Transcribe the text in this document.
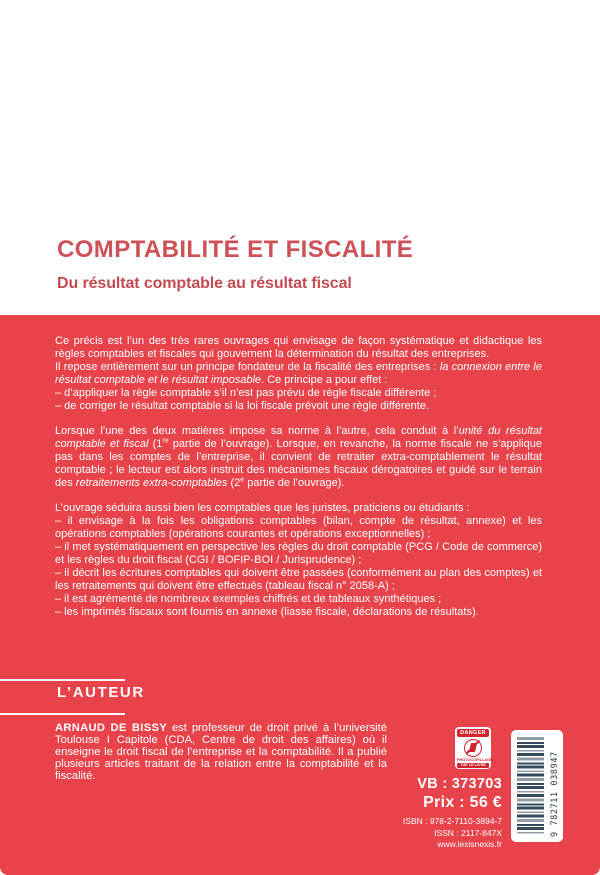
COMPTABILITÉ ET FISCALITÉ
Du résultat comptable au résultat fiscal

Ce précis est l’un des très rares ouvrages qui envisage de façon systématique et didactique les règles comptables et fiscales qui gouvernent la détermination du résultat des entreprises.

Il repose entièrement sur un principe fondateur de la fiscalité des entreprises : la connexion entre le résultat comptable et le résultat imposable. Ce principe a pour effet :

– d’appliquer la règle comptable s’il n’est pas prévu de règle fiscale différente ;

– de corriger le résultat comptable si la loi fiscale prévoit une règle différente.

Lorsque l’une des deux matières impose sa norme à l’autre, cela conduit à l’unité du résultat comptable et fiscal (1re partie de l’ouvrage). Lorsque, en revanche, la norme fiscale ne s’applique pas dans les comptes de l’entreprise, il convient de retraiter extra-comptablement le résultat comptable ; le lecteur est alors instruit des mécanismes fiscaux dérogatoires et guidé sur le terrain des retraitements extra-comptables (2e partie de l’ouvrage).

L’ouvrage séduira aussi bien les comptables que les juristes, praticiens ou étudiants :

– il envisage à la fois les obligations comptables (bilan, compte de résultat, annexe) et les opérations comptables (opérations courantes et opérations exceptionnelles) ;

– il met systématiquement en perspective les règles du droit comptable (PCG / Code de commerce) et les règles du droit fiscal (CGI / BOFIP-BOI / Jurisprudence) ;

– il décrit les écritures comptables qui doivent être passées (conformément au plan des comptes) et les retraitements qui doivent être effectués (tableau fiscal n° 2058-A) ;

– il est agrémenté de nombreux exemples chiffrés et de tableaux synthétiques ;

– les imprimés fiscaux sont fournis en annexe (liasse fiscale, déclarations de résultats).

L’AUTEUR

ARNAUD DE BISSY est professeur de droit privé à l’université Toulouse I Capitole (CDA, Centre de droit des affaires) où il enseigne le droit fiscal de l’entreprise et la comptabilité. Il a publié plusieurs articles traitant de la relation entre la comptabilité et la fiscalité.

DANGER
PHOTOCOPILLAGE
TUE LE LIVRE
VB : 373703
Prix : 56 €
ISBN : 978-2-7110-3894-7
ISSN : 2117-847X
www.lexisnexis.fr
9 782711 038947
